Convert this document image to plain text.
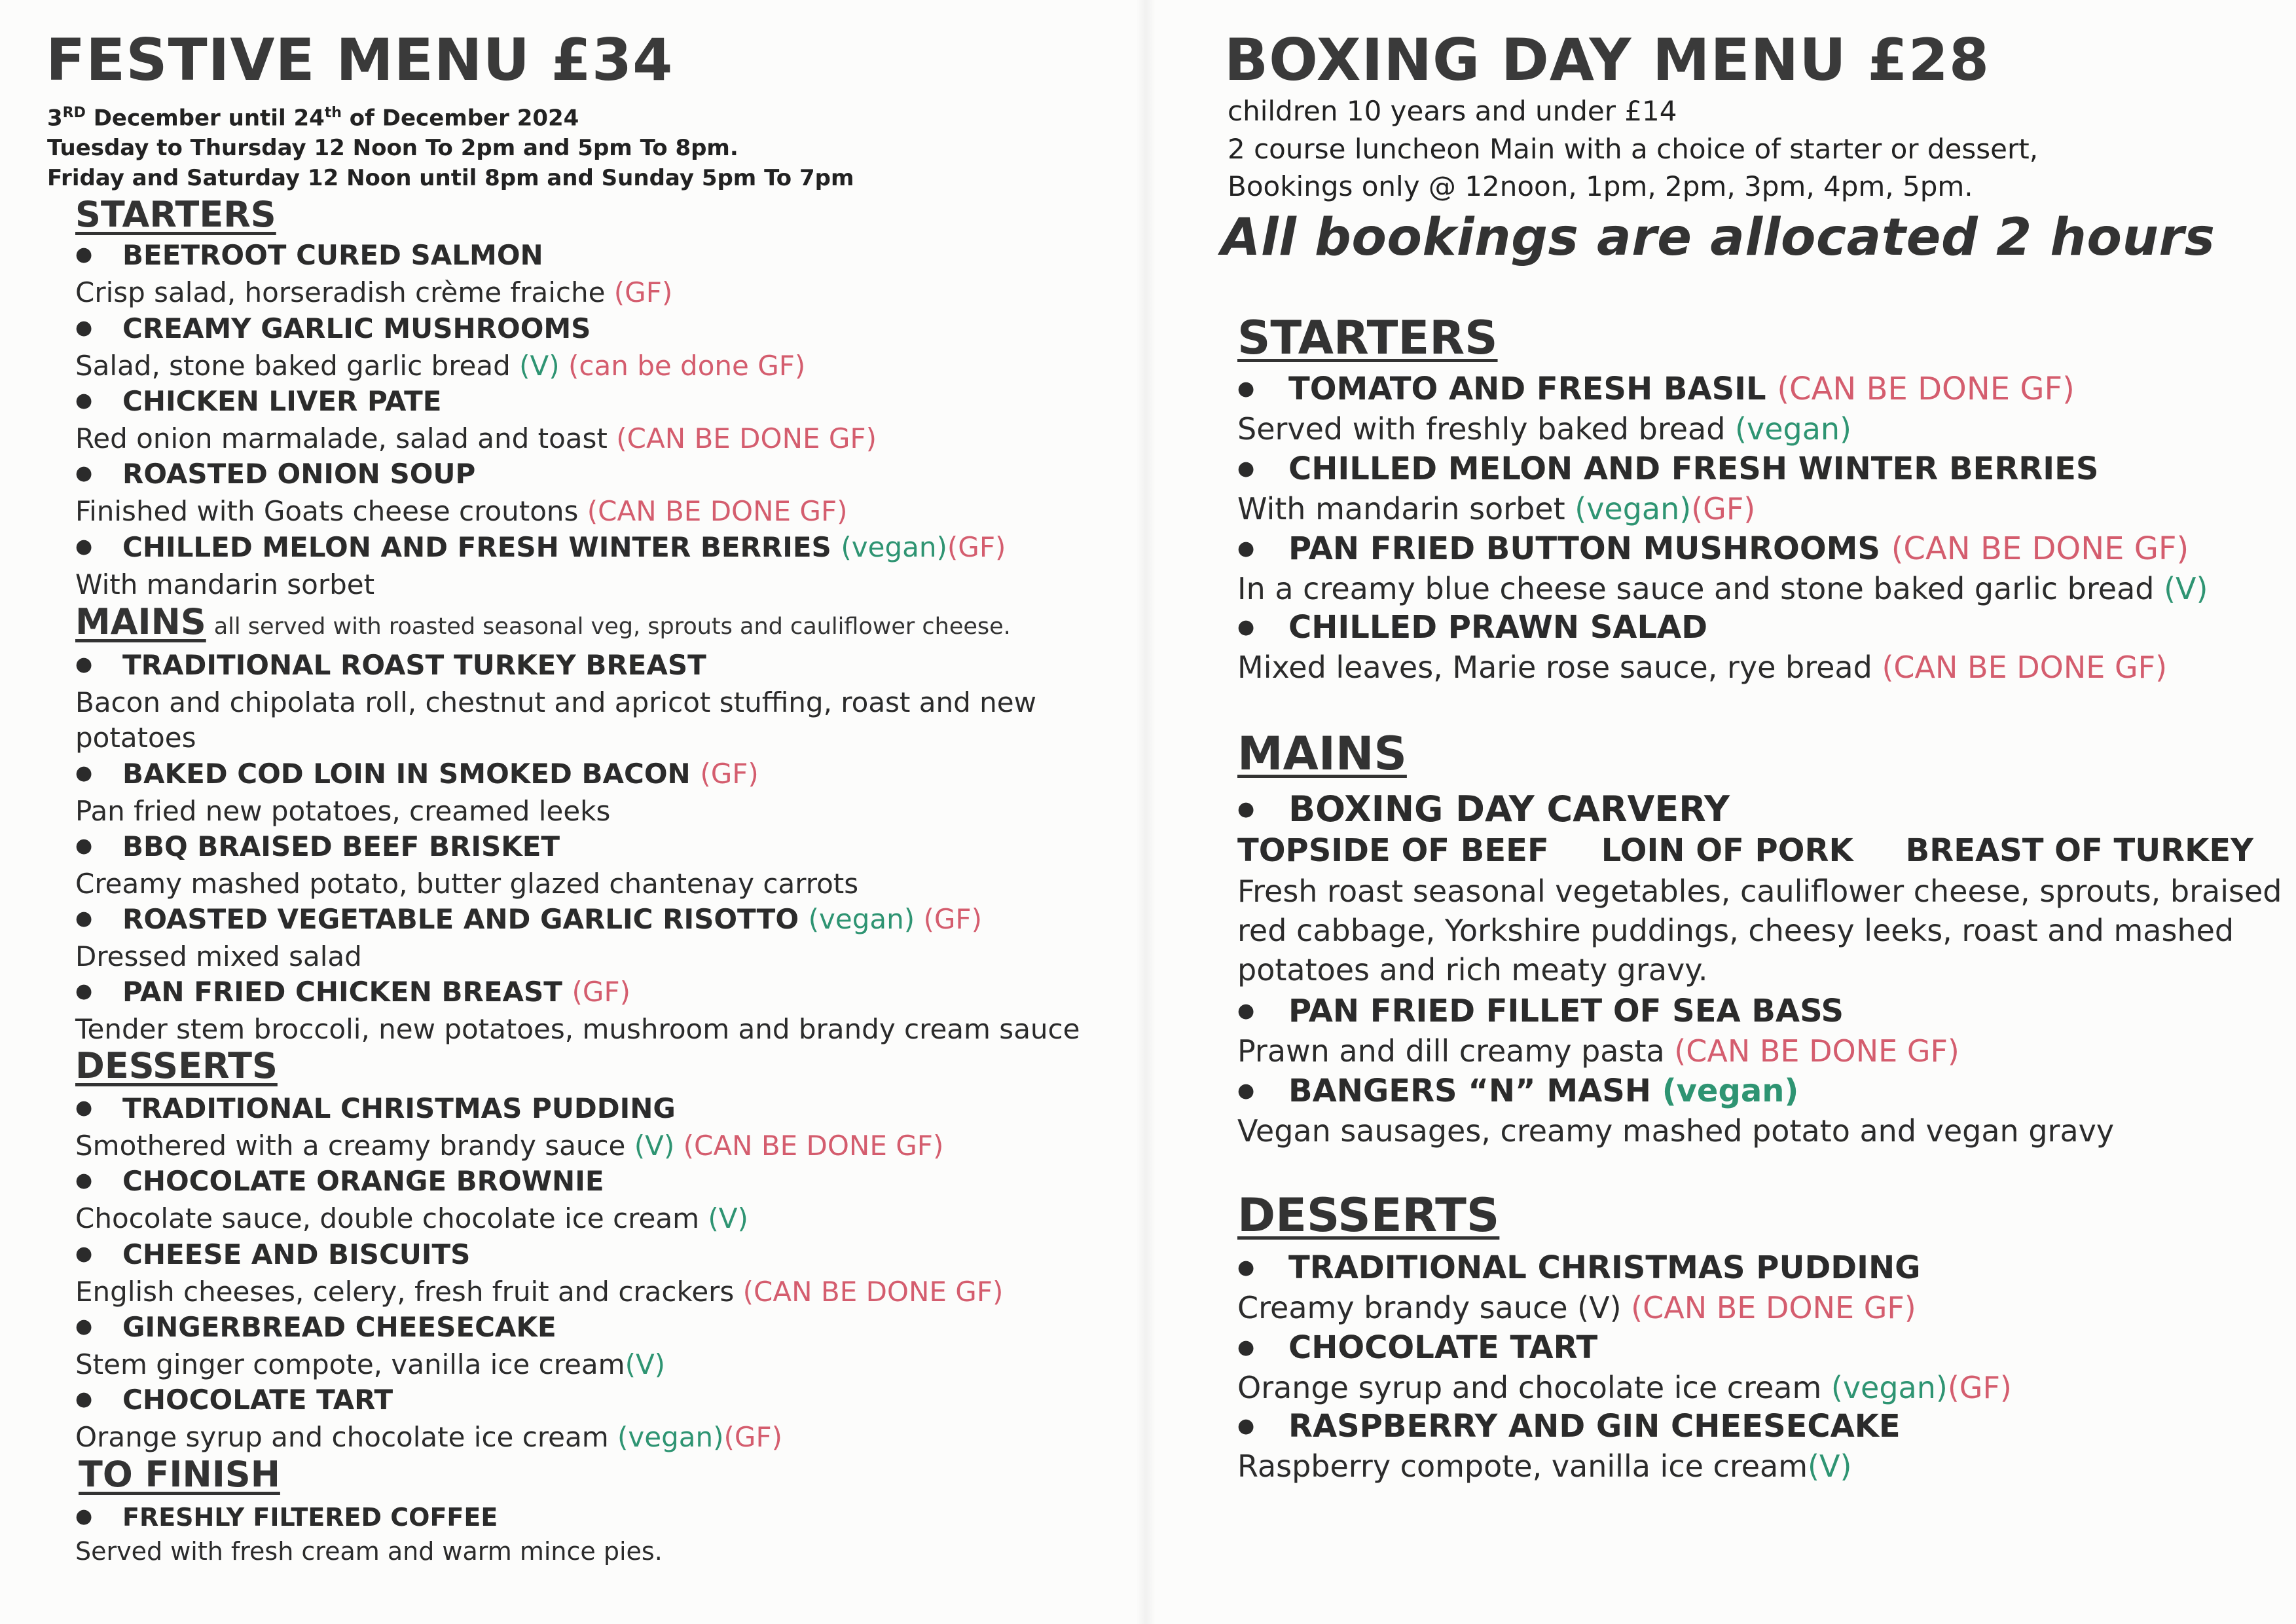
FESTIVE MENU £34
3RD December until 24th of December 2024
Tuesday to Thursday 12 Noon To 2pm and 5pm To 8pm.
Friday and Saturday 12 Noon until 8pm and Sunday 5pm To 7pm
STARTERS
● BEETROOT CURED SALMON
Crisp salad, horseradish crème fraiche (GF)
● CREAMY GARLIC MUSHROOMS
Salad, stone baked garlic bread (V) (can be done GF)
● CHICKEN LIVER PATE
Red onion marmalade, salad and toast (CAN BE DONE GF)
● ROASTED ONION SOUP
Finished with Goats cheese croutons (CAN BE DONE GF)
● CHILLED MELON AND FRESH WINTER BERRIES (vegan)(GF)
With mandarin sorbet
MAINS all served with roasted seasonal veg, sprouts and cauliflower cheese.
● TRADITIONAL ROAST TURKEY BREAST
Bacon and chipolata roll, chestnut and apricot stuffing, roast and new
potatoes
● BAKED COD LOIN IN SMOKED BACON (GF)
Pan fried new potatoes, creamed leeks
● BBQ BRAISED BEEF BRISKET
Creamy mashed potato, butter glazed chantenay carrots
● ROASTED VEGETABLE AND GARLIC RISOTTO (vegan) (GF)
Dressed mixed salad
● PAN FRIED CHICKEN BREAST (GF)
Tender stem broccoli, new potatoes, mushroom and brandy cream sauce
DESSERTS
● TRADITIONAL CHRISTMAS PUDDING
Smothered with a creamy brandy sauce (V) (CAN BE DONE GF)
● CHOCOLATE ORANGE BROWNIE
Chocolate sauce, double chocolate ice cream (V)
● CHEESE AND BISCUITS
English cheeses, celery, fresh fruit and crackers (CAN BE DONE GF)
● GINGERBREAD CHEESECAKE
Stem ginger compote, vanilla ice cream(V)
● CHOCOLATE TART
Orange syrup and chocolate ice cream (vegan)(GF)
TO FINISH
● FRESHLY FILTERED COFFEE
Served with fresh cream and warm mince pies.
BOXING DAY MENU £28
children 10 years and under £14
2 course luncheon Main with a choice of starter or dessert,
Bookings only @ 12noon, 1pm, 2pm, 3pm, 4pm, 5pm.
All bookings are allocated 2 hours
STARTERS
● TOMATO AND FRESH BASIL (CAN BE DONE GF)
Served with freshly baked bread (vegan)
● CHILLED MELON AND FRESH WINTER BERRIES
With mandarin sorbet (vegan)(GF)
● PAN FRIED BUTTON MUSHROOMS (CAN BE DONE GF)
In a creamy blue cheese sauce and stone baked garlic bread (V)
● CHILLED PRAWN SALAD
Mixed leaves, Marie rose sauce, rye bread (CAN BE DONE GF)
MAINS
● BOXING DAY CARVERY
TOPSIDE OF BEEF LOIN OF PORK BREAST OF TURKEY
Fresh roast seasonal vegetables, cauliflower cheese, sprouts, braised
red cabbage, Yorkshire puddings, cheesy leeks, roast and mashed
potatoes and rich meaty gravy.
● PAN FRIED FILLET OF SEA BASS
Prawn and dill creamy pasta (CAN BE DONE GF)
● BANGERS “N” MASH (vegan)
Vegan sausages, creamy mashed potato and vegan gravy
DESSERTS
● TRADITIONAL CHRISTMAS PUDDING
Creamy brandy sauce (V) (CAN BE DONE GF)
● CHOCOLATE TART
Orange syrup and chocolate ice cream (vegan)(GF)
● RASPBERRY AND GIN CHEESECAKE
Raspberry compote, vanilla ice cream(V)
